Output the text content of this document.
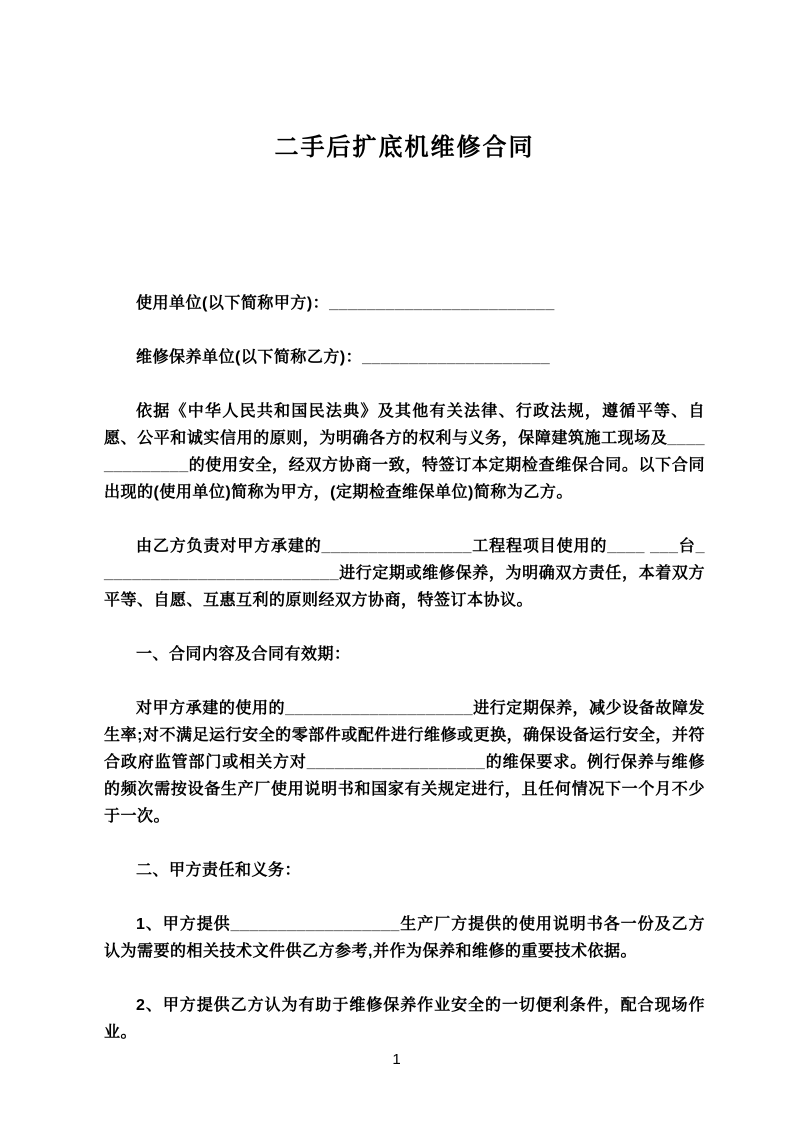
二手后扩底机维修合同

使用单位(以下简称甲方)：________________________

维修保养单位(以下简称乙方)：____________________

依据《中华人民共和国民法典》及其他有关法律、行政法规，遵循平等、自愿、公平和诚实信用的原则，为明确各方的权利与义务，保障建筑施工现场及_____________的使用安全，经双方协商一致，特签订本定期检查维保合同。以下合同出现的(使用单位)简称为甲方，(定期检查维保单位)简称为乙方。

由乙方负责对甲方承建的________________工程程项目使用的____ ___台__________________________进行定期或维修保养，为明确双方责任，本着双方平等、自愿、互惠互利的原则经双方协商，特签订本协议。

一、合同内容及合同有效期：

对甲方承建的使用的____________________进行定期保养，减少设备故障发生率;对不满足运行安全的零部件或配件进行维修或更换，确保设备运行安全，并符合政府监管部门或相关方对___________________的维保要求。例行保养与维修的频次需按设备生产厂使用说明书和国家有关规定进行，且任何情况下一个月不少于一次。

二、甲方责任和义务：

1、甲方提供__________________生产厂方提供的使用说明书各一份及乙方认为需要的相关技术文件供乙方参考,并作为保养和维修的重要技术依据。

2、甲方提供乙方认为有助于维修保养作业安全的一切便利条件，配合现场作业。

1
